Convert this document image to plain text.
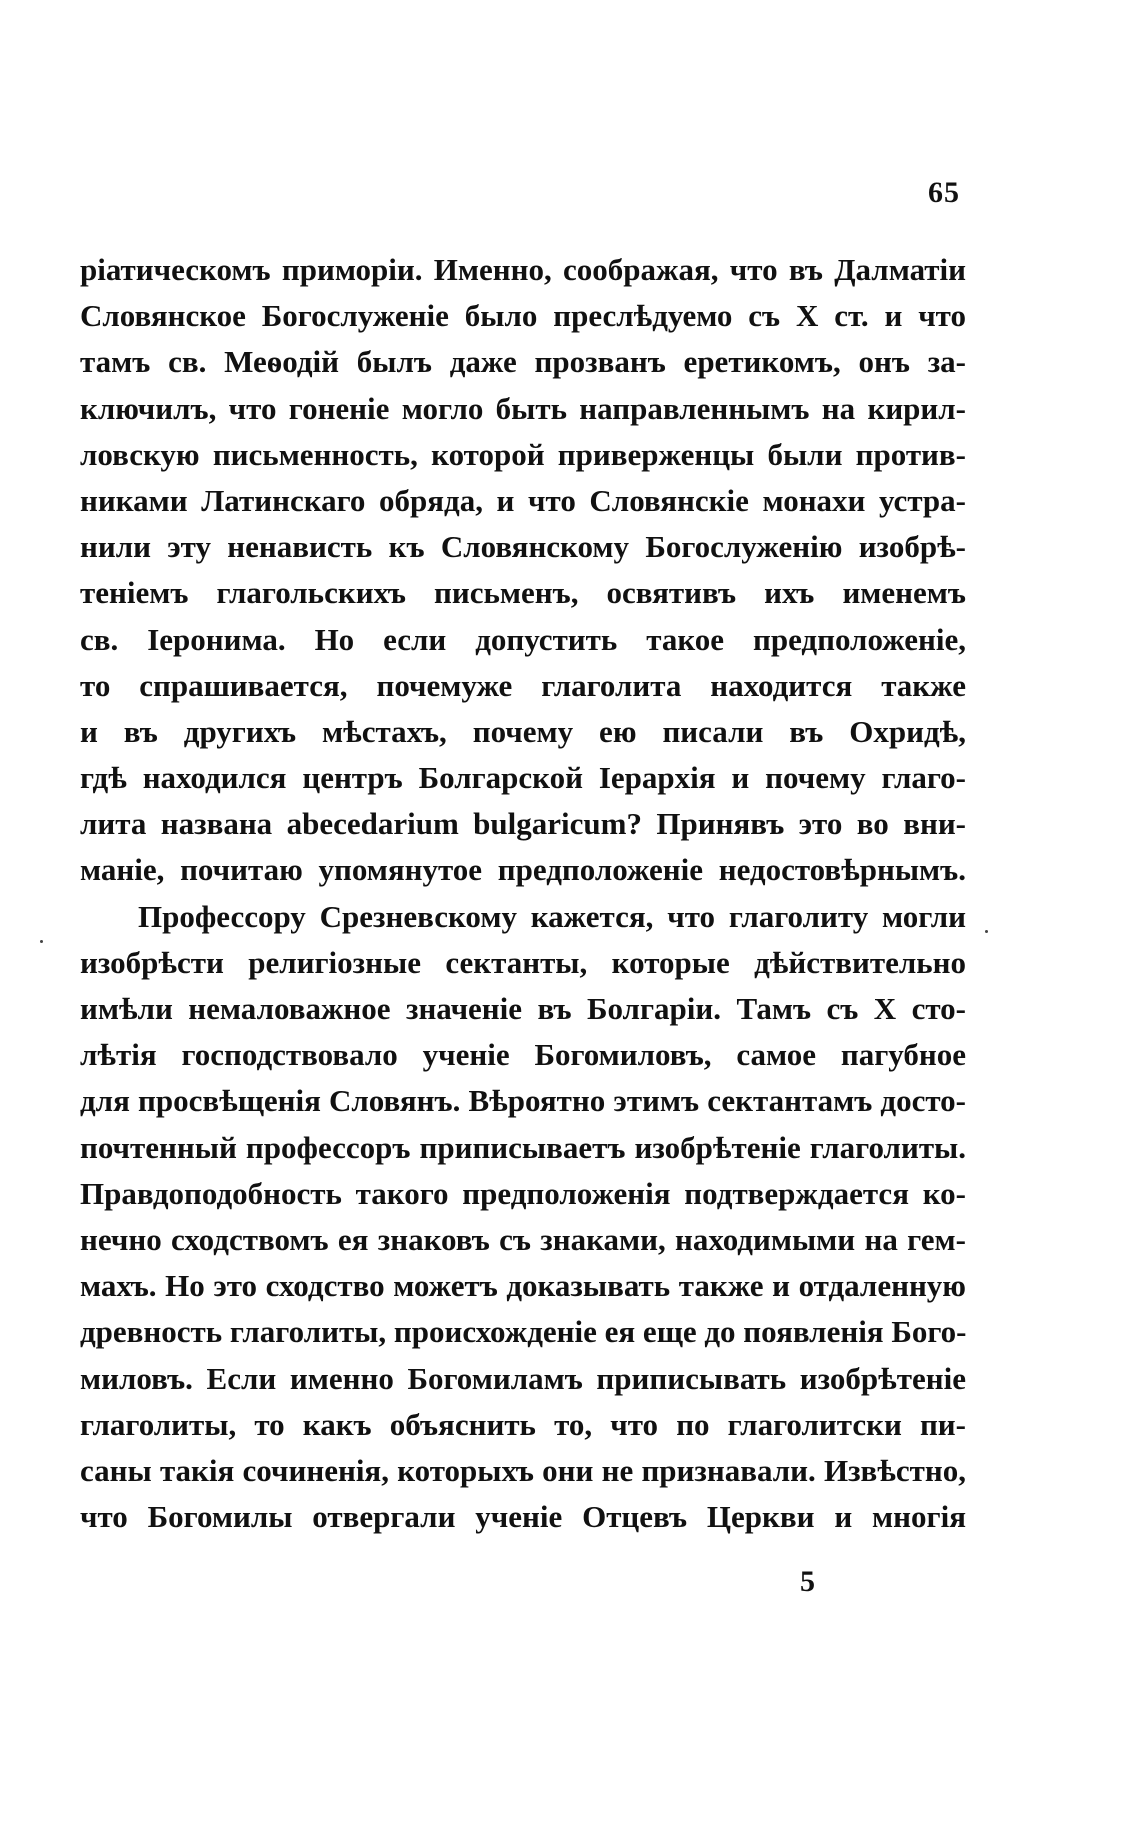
65
ріатическомъ приморіи. Именно, соображая, что въ Далматіи
Словянское Богослуженіе было преслѣдуемо съ X ст. и что
тамъ св. Меѳодій былъ даже прозванъ еретикомъ, онъ за-
ключилъ, что гоненіе могло быть направленнымъ на кирил-
ловскую письменность, которой приверженцы были против-
никами Латинскаго обряда, и что Словянскіе монахи устра-
нили эту ненависть къ Словянскому Богослуженію изобрѣ-
теніемъ глагольскихъ письменъ, освятивъ ихъ именемъ
св. Іеронима. Но если допустить такое предположеніе,
то спрашивается, почемуже глаголита находится также
и въ другихъ мѣстахъ, почему ею писали въ Охридѣ,
гдѣ находился центръ Болгарской Іерархія и почему глаго-
лита названа abecedarium bulgaricum? Принявъ это во вни-
маніе, почитаю упомянутое предположеніе недостовѣрнымъ.
Профессору Срезневскому кажется, что глаголиту могли
изобрѣсти религіозные сектанты, которые дѣйствительно
имѣли немаловажное значеніе въ Болгаріи. Тамъ съ X сто-
лѣтія господствовало ученіе Богомиловъ, самое пагубное
для просвѣщенія Словянъ. Вѣроятно этимъ сектантамъ досто-
почтенный профессоръ приписываетъ изобрѣтеніе глаголиты.
Правдоподобность такого предположенія подтверждается ко-
нечно сходствомъ ея знаковъ съ знаками, находимыми на гем-
махъ. Но это сходство можетъ доказывать также и отдаленную
древность глаголиты, происхожденіе ея еще до появленія Бого-
миловъ. Если именно Богомиламъ приписывать изобрѣтеніе
глаголиты, то какъ объяснить то, что по глаголитски пи-
саны такія сочиненія, которыхъ они не признавали. Извѣстно,
что Богомилы отвергали ученіе Отцевъ Церкви и многія
5
